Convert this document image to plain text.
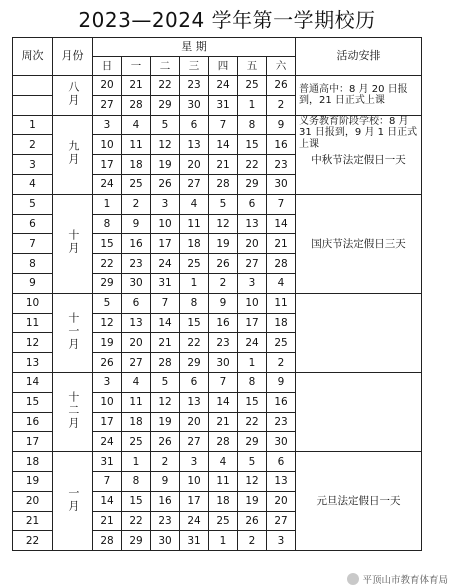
2023—2024 学年第一学期校历
周次	月份	星 期							活动安排
		日	一	二	三	四	五	六	
	八月	20	21	22	23	24	25	26	普通高中：8 月 20 日报到，21 日正式上课
		27	28	29	30	31	1	2	
1	九月	3	4	5	6	7	8	9	义务教育阶段学校：8 月 31 日报到，9 月 1 日正式上课
中秋节法定假日一天

2		10	11	12	13	14	15	16	
3		17	18	19	20	21	22	23	
4		24	25	26	27	28	29	30	
5	十月	1	2	3	4	5	6	7	国庆节法定假日三天
6		8	9	10	11	12	13	14	
7		15	16	17	18	19	20	21	
8		22	23	24	25	26	27	28	
9		29	30	31	1	2	3	4	
10	十一月	5	6	7	8	9	10	11	
11		12	13	14	15	16	17	18	
12		19	20	21	22	23	24	25	
13		26	27	28	29	30	1	2	
14	十二月	3	4	5	6	7	8	9	
15		10	11	12	13	14	15	16	
16		17	18	19	20	21	22	23	
17		24	25	26	27	28	29	30	
18	一月	31	1	2	3	4	5	6	元旦法定假日一天
19		7	8	9	10	11	12	13	
20		14	15	16	17	18	19	20	
21		21	22	23	24	25	26	27	
22		28	29	30	31	1	2	3	
平顶山市教育体育局
